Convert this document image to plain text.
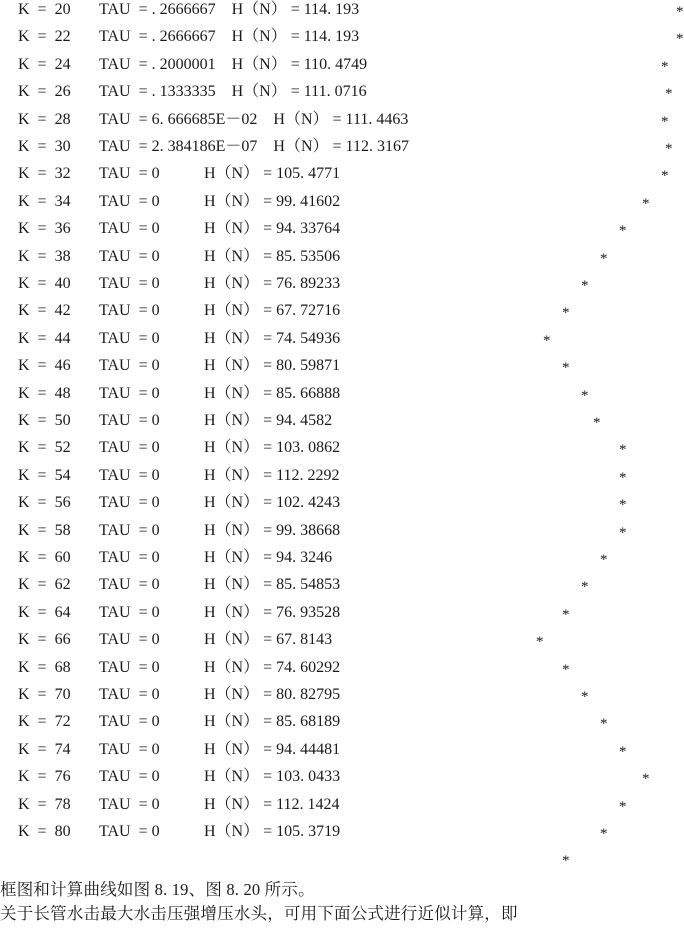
K  =  20 TAU  = . 2666667    H（N） = 114. 193	*
K  =  22 TAU  = . 2666667    H（N） = 114. 193	*
K  =  24 TAU  = . 2000001    H（N） = 110. 4749	*
K  =  26 TAU  = . 1333335    H（N） = 111. 0716	*
K  =  28 TAU  = 6. 666685E－02    H（N） = 111. 4463	*
K  =  30 TAU  = 2. 384186E－07    H（N） = 112. 3167	*
K  =  32 TAU  = 0	H（N） = 105. 4771	*
K  =  34 TAU  = 0	H（N） = 99. 41602	*
K  =  36 TAU  = 0	H（N） = 94. 33764	*
K  =  38 TAU  = 0	H（N） = 85. 53506	*
K  =  40 TAU  = 0	H（N） = 76. 89233	*
K  =  42 TAU  = 0	H（N） = 67. 72716	*
K  =  44 TAU  = 0	H（N） = 74. 54936	*
K  =  46 TAU  = 0	H（N） = 80. 59871	*
K  =  48 TAU  = 0	H（N） = 85. 66888	*
K  =  50 TAU  = 0	H（N） = 94. 4582	*
K  =  52 TAU  = 0	H（N） = 103. 0862	*
K  =  54 TAU  = 0	H（N） = 112. 2292	*
K  =  56 TAU  = 0	H（N） = 102. 4243	*
K  =  58 TAU  = 0	H（N） = 99. 38668	*
K  =  60 TAU  = 0	H（N） = 94. 3246	*
K  =  62 TAU  = 0	H（N） = 85. 54853	*
K  =  64 TAU  = 0	H（N） = 76. 93528	*
K  =  66 TAU  = 0	H（N） = 67. 8143	*
K  =  68 TAU  = 0	H（N） = 74. 60292	*
K  =  70 TAU  = 0	H（N） = 80. 82795	*
K  =  72 TAU  = 0	H（N） = 85. 68189	*
K  =  74 TAU  = 0	H（N） = 94. 44481	*
K  =  76 TAU  = 0	H（N） = 103. 0433	*
K  =  78 TAU  = 0	H（N） = 112. 1424	*
K  =  80 TAU  = 0	H（N） = 105. 3719	*
*
框图和计算曲线如图 8. 19、图 8. 20 所示。
关于长管水击最大水击压强增压水头，可用下面公式进行近似计算，即
